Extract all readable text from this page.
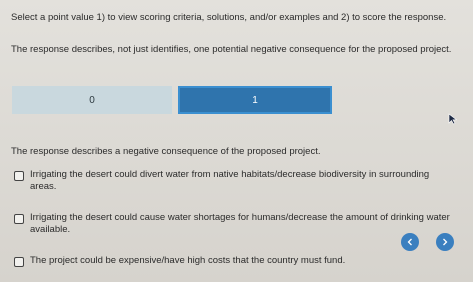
Select a point value 1) to view scoring criteria, solutions, and/or examples and 2) to score the response.
The response describes, not just identifies, one potential negative consequence for the proposed project.
0	1
The response describes a negative consequence of the proposed project.
Irrigating the desert could divert water from native habitats/decrease biodiversity in surrounding areas.
Irrigating the desert could cause water shortages for humans/decrease the amount of drinking water available.
The project could be expensive/have high costs that the country must fund.
